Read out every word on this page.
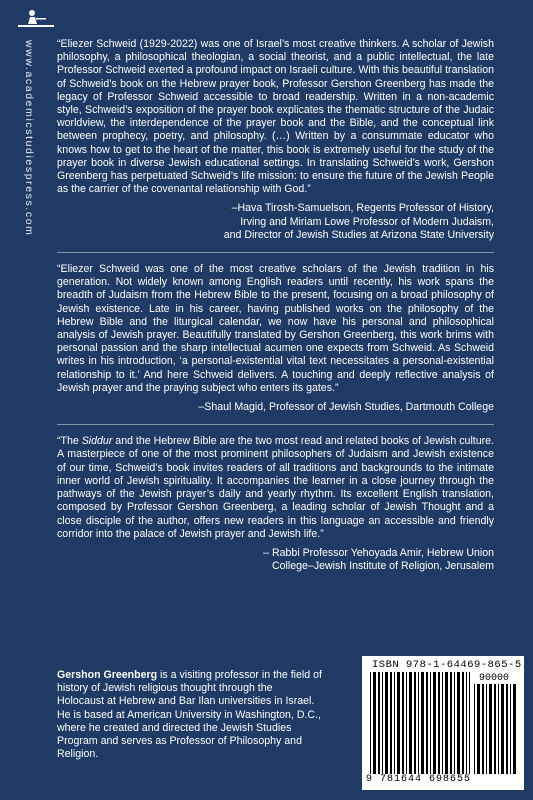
www.academicstudiespress.com “Eliezer Schweid (1929-2022) was one of Israel’s most creative thinkers. A scholar of Jewish philosophy, a philosophical theologian, a social theorist, and a public intellectual, the late Professor Schweid exerted a profound impact on Israeli culture. With this beautiful translation of Schweid’s book on the Hebrew prayer book, Professor Gershon Greenberg has made the legacy of Professor Schweid accessible to broad readership. Written in a non-academic style, Schweid’s exposition of the prayer book explicates the thematic structure of the Judaic worldview, the interdependence of the prayer book and the Bible, and the conceptual link between prophecy, poetry, and philosophy. (…) Written by a consummate educator who knows how to get to the heart of the matter, this book is extremely useful for the study of the prayer book in diverse Jewish educational settings. In translating Schweid’s work, Gershon Greenberg has perpetuated Schweid’s life mission: to ensure the future of the Jewish People as the carrier of the covenantal relationship with God.”

–Hava Tirosh-Samuelson, Regents Professor of History,
Irving and Miriam Lowe Professor of Modern Judaism,
and Director of Jewish Studies at Arizona State University

“Eliezer Schweid was one of the most creative scholars of the Jewish tradition in his generation. Not widely known among English readers until recently, his work spans the breadth of Judaism from the Hebrew Bible to the present, focusing on a broad philosophy of Jewish existence. Late in his career, having published works on the philosophy of the Hebrew Bible and the liturgical calendar, we now have his personal and philosophical analysis of Jewish prayer. Beautifully translated by Gershon Greenberg, this work brims with personal passion and the sharp intellectual acumen one expects from Schweid. As Schweid writes in his introduction, ‘a personal-existential vital text necessitates a personal-existential relationship to it.’ And here Schweid delivers. A touching and deeply reflective analysis of Jewish prayer and the praying subject who enters its gates.”

–Shaul Magid, Professor of Jewish Studies, Dartmouth College

“The Siddur and the Hebrew Bible are the two most read and related books of Jewish culture. A masterpiece of one of the most prominent philosophers of Judaism and Jewish existence of our time, Schweid’s book invites readers of all traditions and backgrounds to the intimate inner world of Jewish spirituality. It accompanies the learner in a close journey through the pathways of the Jewish prayer’s daily and yearly rhythm. Its excellent English translation, composed by Professor Gershon Greenberg, a leading scholar of Jewish Thought and a close disciple of the author, offers new readers in this language an accessible and friendly corridor into the palace of Jewish prayer and Jewish life.”

– Rabbi Professor Yehoyada Amir, Hebrew Union
College–Jewish Institute of Religion, Jerusalem
Gershon Greenberg is a visiting professor in the field of history of Jewish religious thought through the Holocaust at Hebrew and Bar Ilan universities in Israel. He is based at American University in Washington, D.C., where he created and directed the Jewish Studies Program and serves as Professor of Philosophy and Religion.
ISBN 978-1-64469-865-5
90000
9 781644 698655
